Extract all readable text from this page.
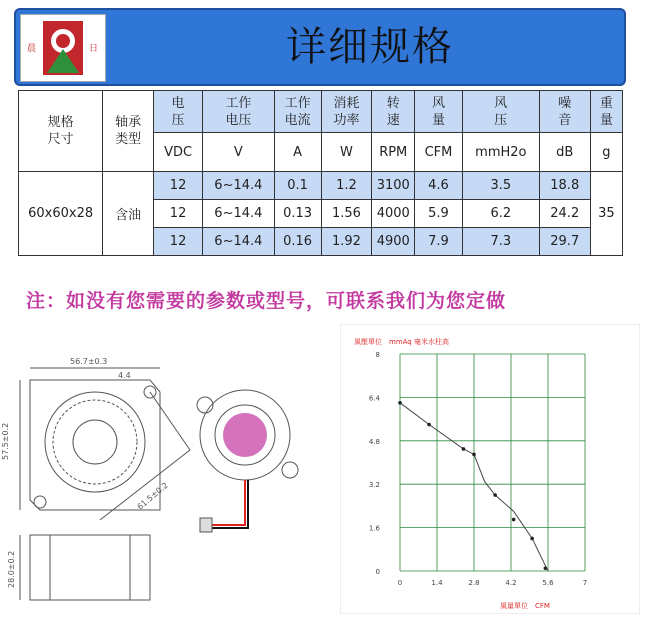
晨	日	详细规格
规格尺寸	轴承类型	电压	工作电压	工作电流	消耗功率	转速	风量	风压	噪音	重量

		VDC	V	A	W	RPM	CFM	mmH2o	dB	g
60x60x28	含油	12	6~14.4	0.1	1.2	3100	4.6	3.5	18.8	35
		12	6~14.4	0.13	1.56	4000	5.9	6.2	24.2	
		12	6~14.4	0.16	1.92	4900	7.9	7.3	29.7	
注：如没有您需要的参数或型号，可联系我们为您定做
56.7±0.3
57.5±0.2
4.4
61.5±0.2
28.0±0.2
風壓單位　mmAq 毫米水柱高
風量單位　CFM
0	1.4	2.8	4.2	5.6	7
0
1.6
3.2
4.8
6.4
8
